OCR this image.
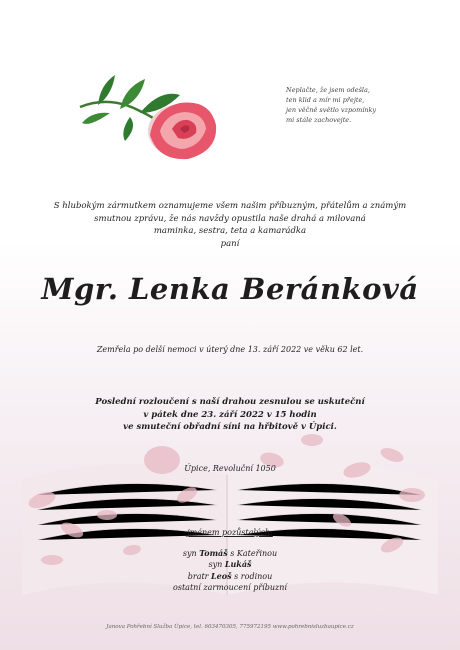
Neplačte, že jsem odešla,
ten klid a mír mi přejte,
jen věčně světlo vzpomínky
mi stále zachovejte.
S hlubokým zármutkem oznamujeme všem našim příbuzným, přátelům a známým
smutnou zprávu, že nás navždy opustila naše drahá a milovaná
maminka, sestra, teta a kamarádka
paní
Mgr. Lenka Beránková
Zemřela po delší nemoci v úterý dne 13. září 2022 ve věku 62 let.
Poslední rozloučení s naší drahou zesnulou se uskuteční
v pátek dne 23. září 2022 v 15 hodin
ve smuteční obřadní síni na hřbitově v Úpici.
Úpice, Revoluční 1050
jménem pozůstalých:
syn Tomáš s Kateřinou
syn Lukáš
bratr Leoš s rodinou
ostatní zarmoucení příbuzní
Janova Pohřební Služba Úpice, tel. 603470305, 775972195 www.pohrebnisluzbaupice.cz
